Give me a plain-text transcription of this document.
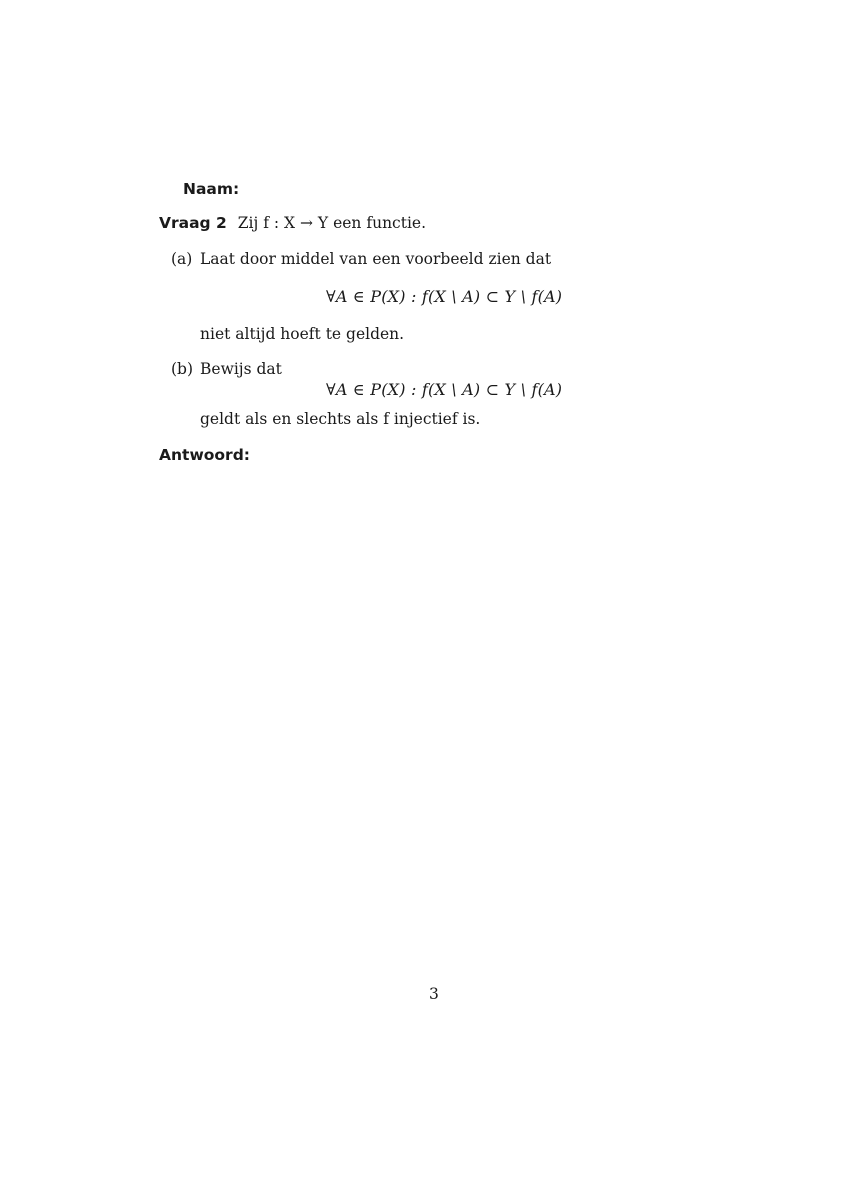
Naam:
Vraag 2 Zij f : X → Y een functie.
(a) Laat door middel van een voorbeeld zien dat
∀A ∈ P(X) : f(X \ A) ⊂ Y \ f(A)
niet altijd hoeft te gelden.
(b) Bewijs dat
∀A ∈ P(X) : f(X \ A) ⊂ Y \ f(A)
geldt als en slechts als f injectief is.
Antwoord:
3
